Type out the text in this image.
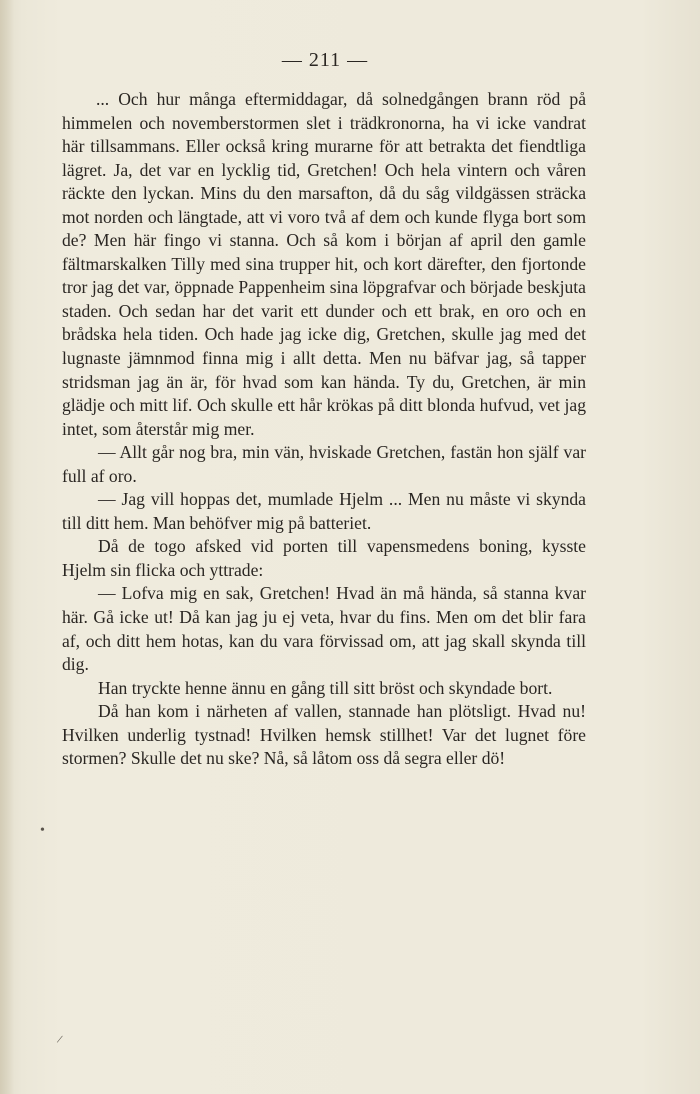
— 211 —

... Och hur många eftermiddagar, då solnedgången brann röd på himmelen och novemberstormen slet i trädkronorna, ha vi icke vandrat här tillsammans. Eller också kring murarne för att betrakta det fiendtliga lägret. Ja, det var en lycklig tid, Gretchen! Och hela vintern och våren räckte den lyckan. Mins du den marsafton, då du såg vildgässen sträcka mot norden och längtade, att vi voro två af dem och kunde flyga bort som de? Men här fingo vi stanna. Och så kom i början af april den gamle fältmarskalken Tilly med sina trupper hit, och kort därefter, den fjortonde tror jag det var, öppnade Pappenheim sina löpgrafvar och började beskjuta staden. Och sedan har det varit ett dunder och ett brak, en oro och en brådska hela tiden. Och hade jag icke dig, Gretchen, skulle jag med det lugnaste jämnmod finna mig i allt detta. Men nu bäfvar jag, så tapper stridsman jag än är, för hvad som kan hända. Ty du, Gretchen, är min glädje och mitt lif. Och skulle ett hår krökas på ditt blonda hufvud, vet jag intet, som återstår mig mer.

— Allt går nog bra, min vän, hviskade Gretchen, fastän hon själf var full af oro.

— Jag vill hoppas det, mumlade Hjelm ... Men nu måste vi skynda till ditt hem. Man behöfver mig på batteriet.

Då de togo afsked vid porten till vapensmedens boning, kysste Hjelm sin flicka och yttrade:

— Lofva mig en sak, Gretchen! Hvad än må hända, så stanna kvar här. Gå icke ut! Då kan jag ju ej veta, hvar du fins. Men om det blir fara af, och ditt hem hotas, kan du vara förvissad om, att jag skall skynda till dig.

Han tryckte henne ännu en gång till sitt bröst och skyndade bort.

Då han kom i närheten af vallen, stannade han plötsligt. Hvad nu! Hvilken underlig tystnad! Hvilken hemsk stillhet! Var det lugnet före stormen? Skulle det nu ske? Nå, så låtom oss då segra eller dö!

•
/
